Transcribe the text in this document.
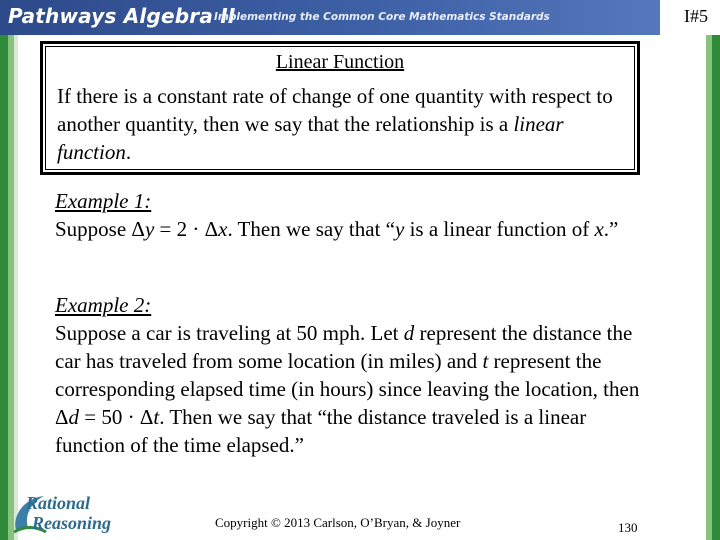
Pathways Algebra II
Implementing the Common Core Mathematics Standards	I#5
Linear Function
If there is a constant rate of change of one quantity with respect to another quantity, then we say that the relationship is a linear function.
Example 1:
Suppose Δy = 2 · Δx. Then we say that “y is a linear function of x.”
Example 2:
Suppose a car is traveling at 50 mph. Let d represent the distance the car has traveled from some location (in miles) and t represent the corresponding elapsed time (in hours) since leaving the location, then Δd = 50 · Δt. Then we say that “the distance traveled is a linear function of the time elapsed.”
Rational
Reasoning	Copyright © 2013 Carlson, O’Bryan, & Joyner	130
